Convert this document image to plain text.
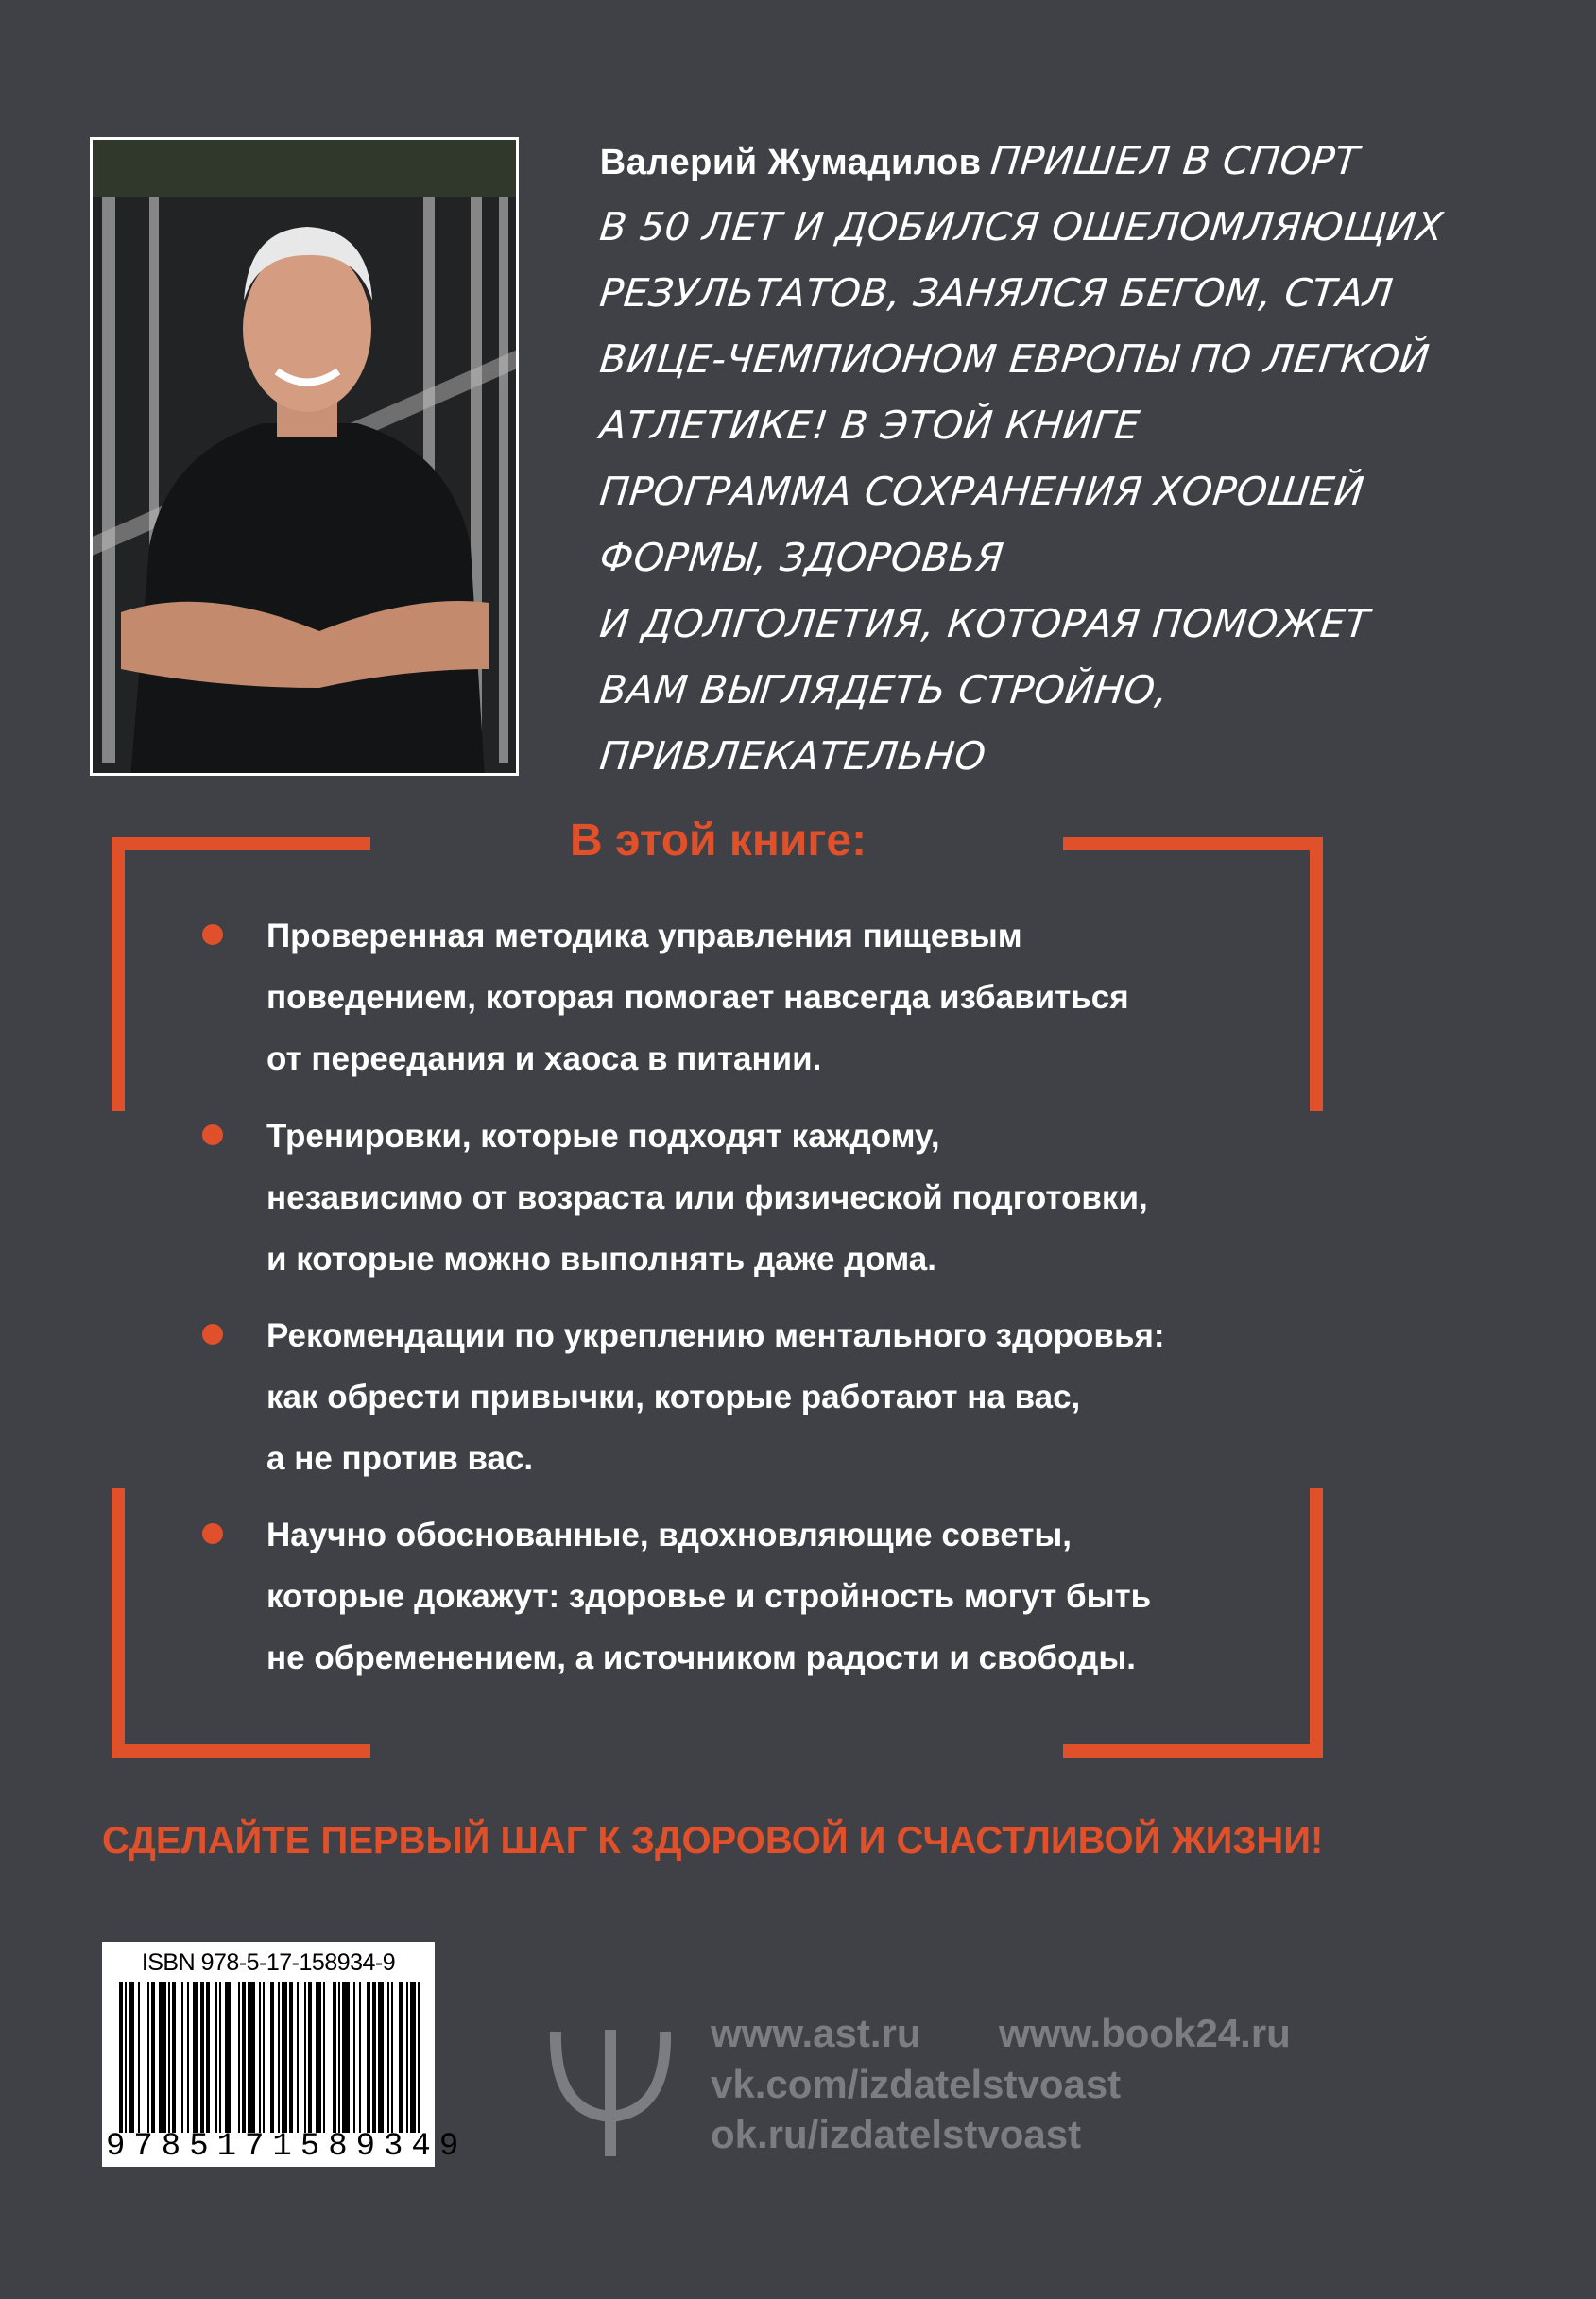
Валерий Жумадилов ПРИШЕЛ В СПОРТ
В 50 ЛЕТ И ДОБИЛСЯ ОШЕЛОМЛЯЮЩИХ
РЕЗУЛЬТАТОВ, ЗАНЯЛСЯ БЕГОМ, СТАЛ
ВИЦЕ-ЧЕМПИОНОМ ЕВРОПЫ ПО ЛЕГКОЙ
АТЛЕТИКЕ! В ЭТОЙ КНИГЕ
ПРОГРАММА СОХРАНЕНИЯ ХОРОШЕЙ
ФОРМЫ, ЗДОРОВЬЯ
И ДОЛГОЛЕТИЯ, КОТОРАЯ ПОМОЖЕТ
ВАМ ВЫГЛЯДЕТЬ СТРОЙНО,
ПРИВЛЕКАТЕЛЬНО
В этой книге:
Проверенная методика управления пищевым
поведением, которая помогает навсегда избавиться
от переедания и хаоса в питании.
Тренировки, которые подходят каждому,
независимо от возраста или физической подготовки,
и которые можно выполнять даже дома.
Рекомендации по укреплению ментального здоровья:
как обрести привычки, которые работают на вас,
а не против вас.
Научно обоснованные, вдохновляющие советы,
которые докажут: здоровье и стройность могут быть
не обременением, а источником радости и свободы.
СДЕЛАЙТЕ ПЕРВЫЙ ШАГ К ЗДОРОВОЙ И СЧАСТЛИВОЙ ЖИЗНИ!
ISBN 978-5-17-158934-9
9785171589349
www.ast.ru www.book24.ru
vk.com/izdatelstvoast
ok.ru/izdatelstvoast
